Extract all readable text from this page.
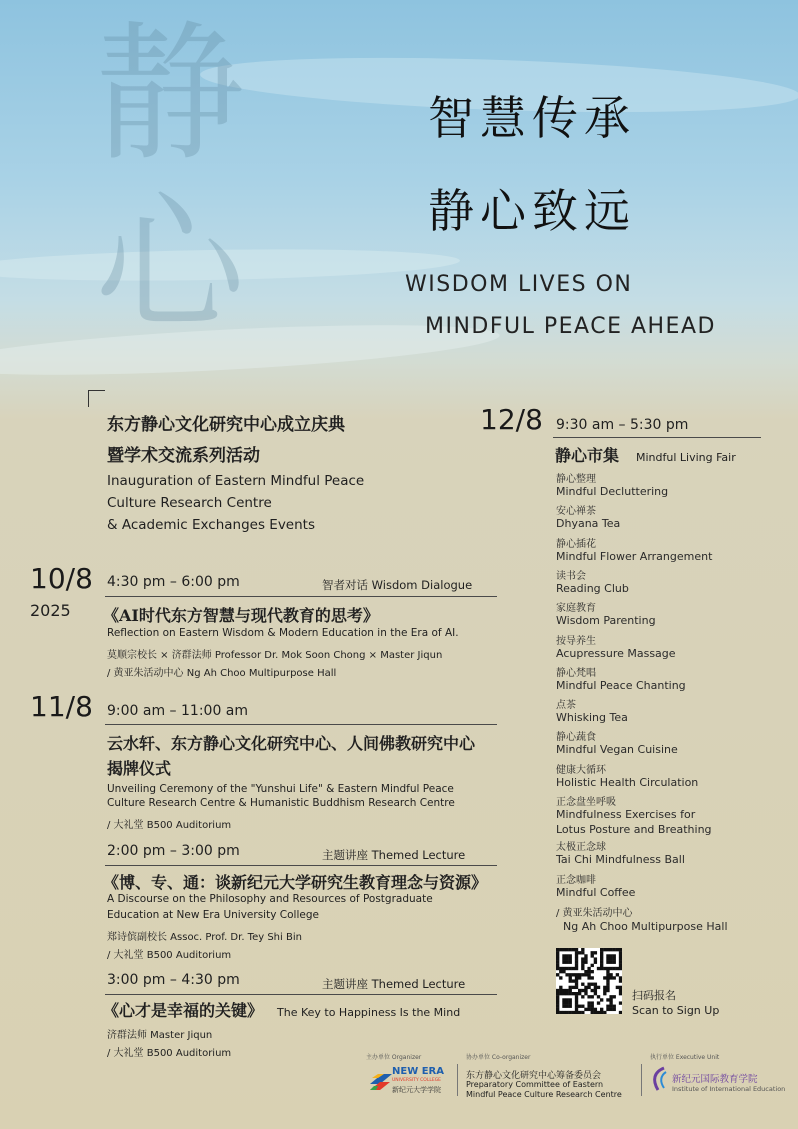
静心
智慧传承
静心致远
WISDOM LIVES ON
MINDFUL PEACE AHEAD
东方静心文化研究中心成立庆典
暨学术交流系列活动
Inauguration of Eastern Mindful Peace
Culture Research Centre
& Academic Exchanges Events
10/8
2025
4:30 pm – 6:00 pm	智者对话 Wisdom Dialogue
《AI时代东方智慧与现代教育的思考》
Reflection on Eastern Wisdom & Modern Education in the Era of AI.
莫顺宗校长 × 济群法师 Professor Dr. Mok Soon Chong × Master Jiqun
/ 黄亚朱活动中心 Ng Ah Choo Multipurpose Hall
11/8 9:00 am – 11:00 am
云水轩、东方静心文化研究中心、人间佛教研究中心
揭牌仪式
Unveiling Ceremony of the "Yunshui Life" & Eastern Mindful Peace
Culture Research Centre & Humanistic Buddhism Research Centre
/ 大礼堂 B500 Auditorium
2:00 pm – 3:00 pm	主题讲座 Themed Lecture
《博、专、通：谈新纪元大学研究生教育理念与资源》
A Discourse on the Philosophy and Resources of Postgraduate
Education at New Era University College
郑诗傧副校长 Assoc. Prof. Dr. Tey Shi Bin
/ 大礼堂 B500 Auditorium
3:00 pm – 4:30 pm	主题讲座 Themed Lecture
《心才是幸福的关键》 The Key to Happiness Is the Mind
济群法师 Master Jiqun
/ 大礼堂 B500 Auditorium
12/8 9:30 am – 5:30 pm
静心市集 Mindful Living Fair
静心整理
Mindful Decluttering
安心禅茶
Dhyana Tea
静心插花
Mindful Flower Arrangement
读书会
Reading Club
家庭教育
Wisdom Parenting
按导养生
Acupressure Massage
静心梵唱
Mindful Peace Chanting
点茶
Whisking Tea
静心蔬食
Mindful Vegan Cuisine
健康大循环
Holistic Health Circulation
正念盘坐呼吸
Mindfulness Exercises for
Lotus Posture and Breathing
太极正念球
Tai Chi Mindfulness Ball
正念咖啡
Mindful Coffee
/ 黄亚朱活动中心
Ng Ah Choo Multipurpose Hall
扫码报名
Scan to Sign Up
主办单位 Organizer
NEW ERA
UNIVERSITY COLLEGE
新纪元大学学院
协办单位 Co-organizer
东方静心文化研究中心筹备委员会
Preparatory Committee of Eastern
Mindful Peace Culture Research Centre
执行单位 Executive Unit
新纪元国际教育学院
Institute of International Education
